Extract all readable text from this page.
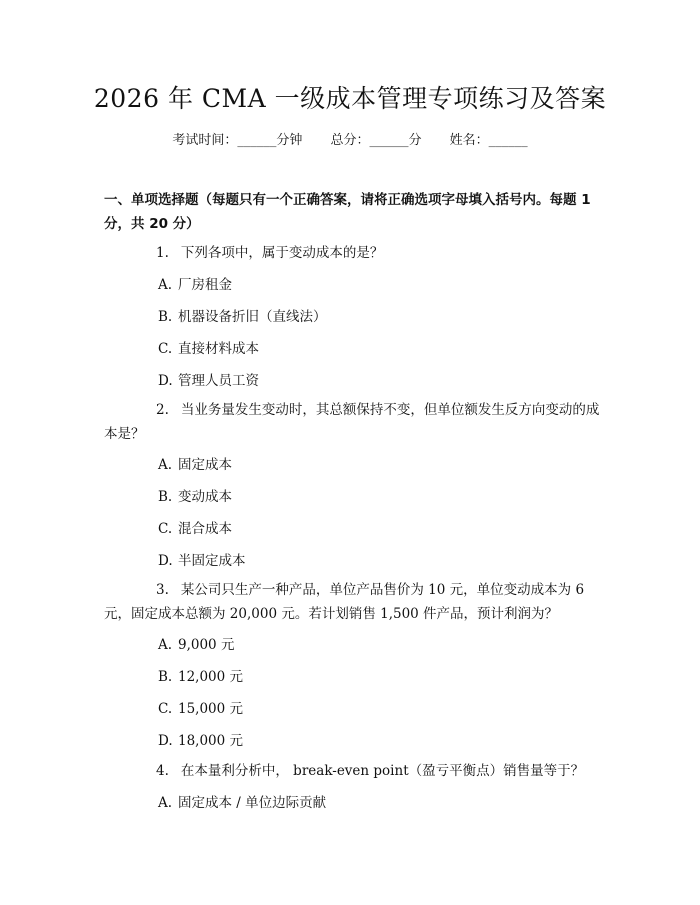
2026 年 CMA 一级成本管理专项练习及答案
考试时间：______分钟 总分：______分 姓名：______
一、单项选择题（每题只有一个正确答案，请将正确选项字母填入括号内。每题 1 分，共 20 分）
1. 下列各项中，属于变动成本的是？
A. 厂房租金
B. 机器设备折旧（直线法）
C. 直接材料成本
D. 管理人员工资
2. 当业务量发生变动时，其总额保持不变，但单位额发生反方向变动的成本是？
A. 固定成本
B. 变动成本
C. 混合成本
D. 半固定成本
3. 某公司只生产一种产品，单位产品售价为 10 元，单位变动成本为 6 元，固定成本总额为 20,000 元。若计划销售 1,500 件产品，预计利润为？
A. 9,000 元
B. 12,000 元
C. 15,000 元
D. 18,000 元
4. 在本量利分析中， break-even point（盈亏平衡点）销售量等于？
A. 固定成本 / 单位边际贡献
